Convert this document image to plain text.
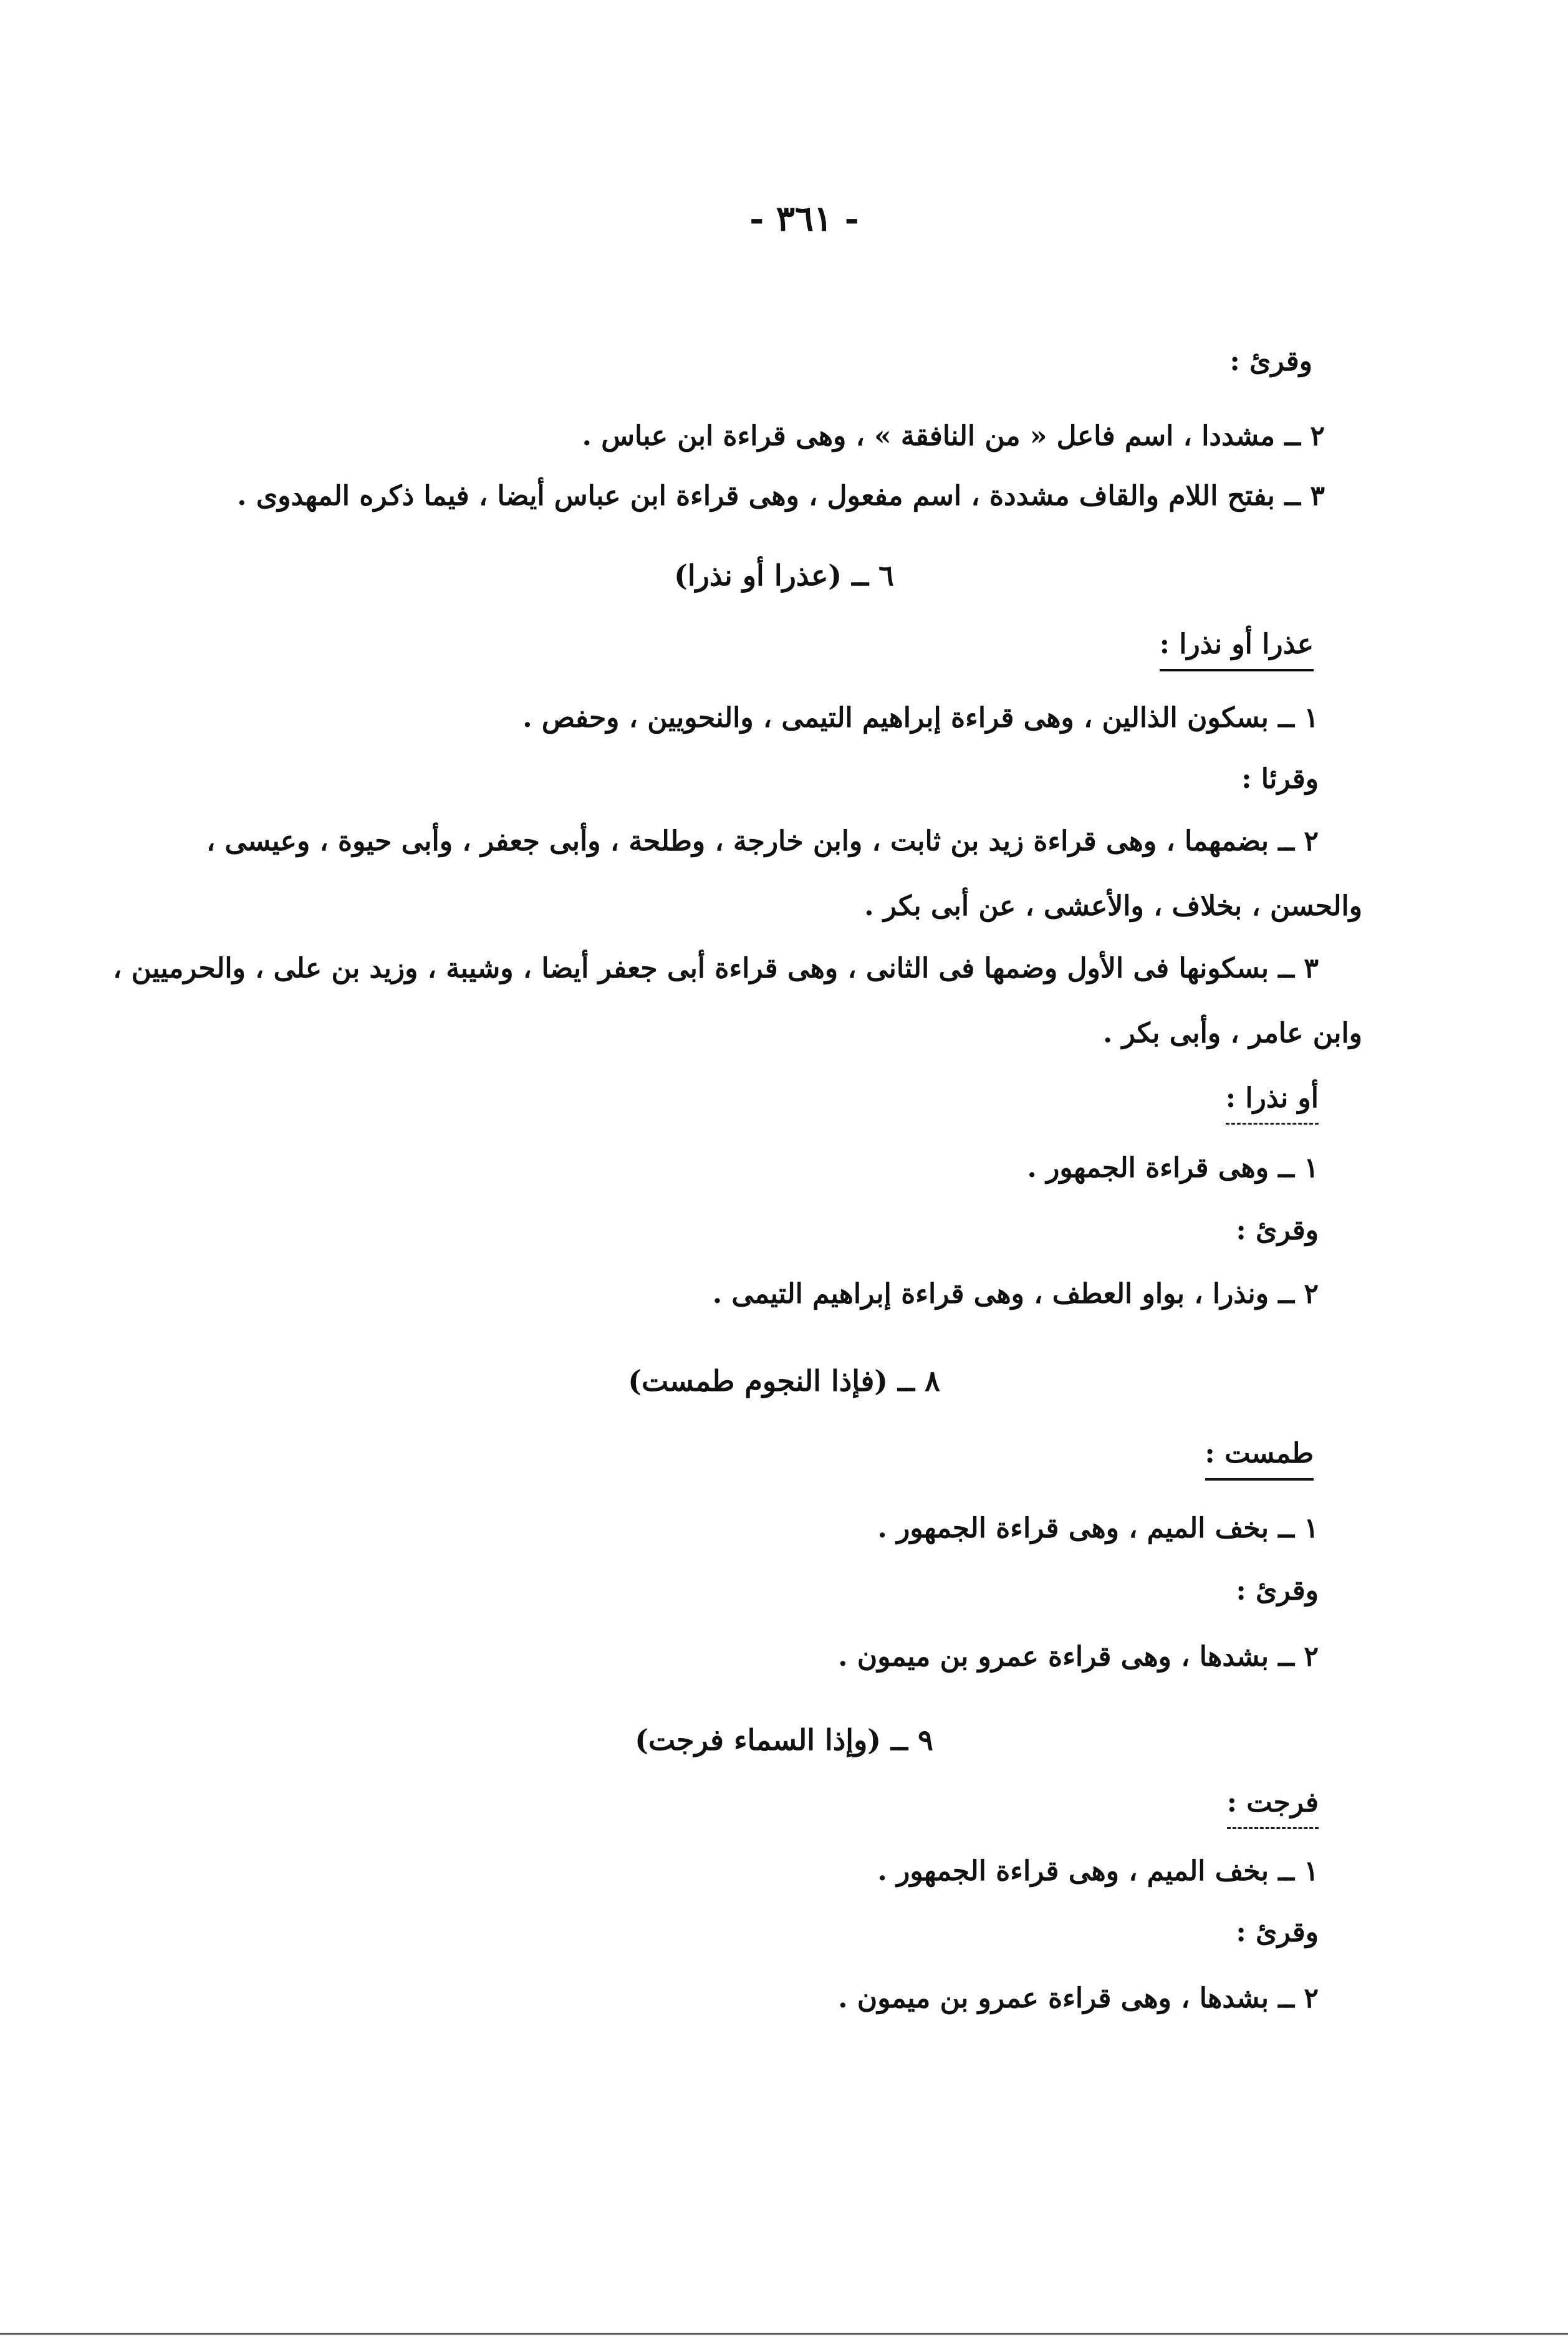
- ٣٦١ -
وقرئ :
٢ ــ مشددا ، اسم فاعل « من النافقة » ، وهى قراءة ابن عباس .
٣ ــ بفتح اللام والقاف مشددة ، اسم مفعول ، وهى قراءة ابن عباس أيضا ، فيما ذكره المهدوى .
٦ ــ (عذرا أو نذرا)
عذرا أو نذرا :
١ ــ بسكون الذالين ، وهى قراءة إبراهيم التيمى ، والنحويين ، وحفص .
وقرئا :
٢ ــ بضمهما ، وهى قراءة زيد بن ثابت ، وابن خارجة ، وطلحة ، وأبى جعفر ، وأبى حيوة ، وعيسى ،
والحسن ، بخلاف ، والأعشى ، عن أبى بكر .
٣ ــ بسكونها فى الأول وضمها فى الثانى ، وهى قراءة أبى جعفر أيضا ، وشيبة ، وزيد بن على ، والحرميين ،
وابن عامر ، وأبى بكر .
أو نذرا :
١ ــ وهى قراءة الجمهور .
وقرئ :
٢ ــ ونذرا ، بواو العطف ، وهى قراءة إبراهيم التيمى .
٨ ــ (فإذا النجوم طمست)
طمست :
١ ــ بخف الميم ، وهى قراءة الجمهور .
وقرئ :
٢ ــ بشدها ، وهى قراءة عمرو بن ميمون .
٩ ــ (وإذا السماء فرجت)
فرجت :
١ ــ بخف الميم ، وهى قراءة الجمهور .
وقرئ :
٢ ــ بشدها ، وهى قراءة عمرو بن ميمون .
